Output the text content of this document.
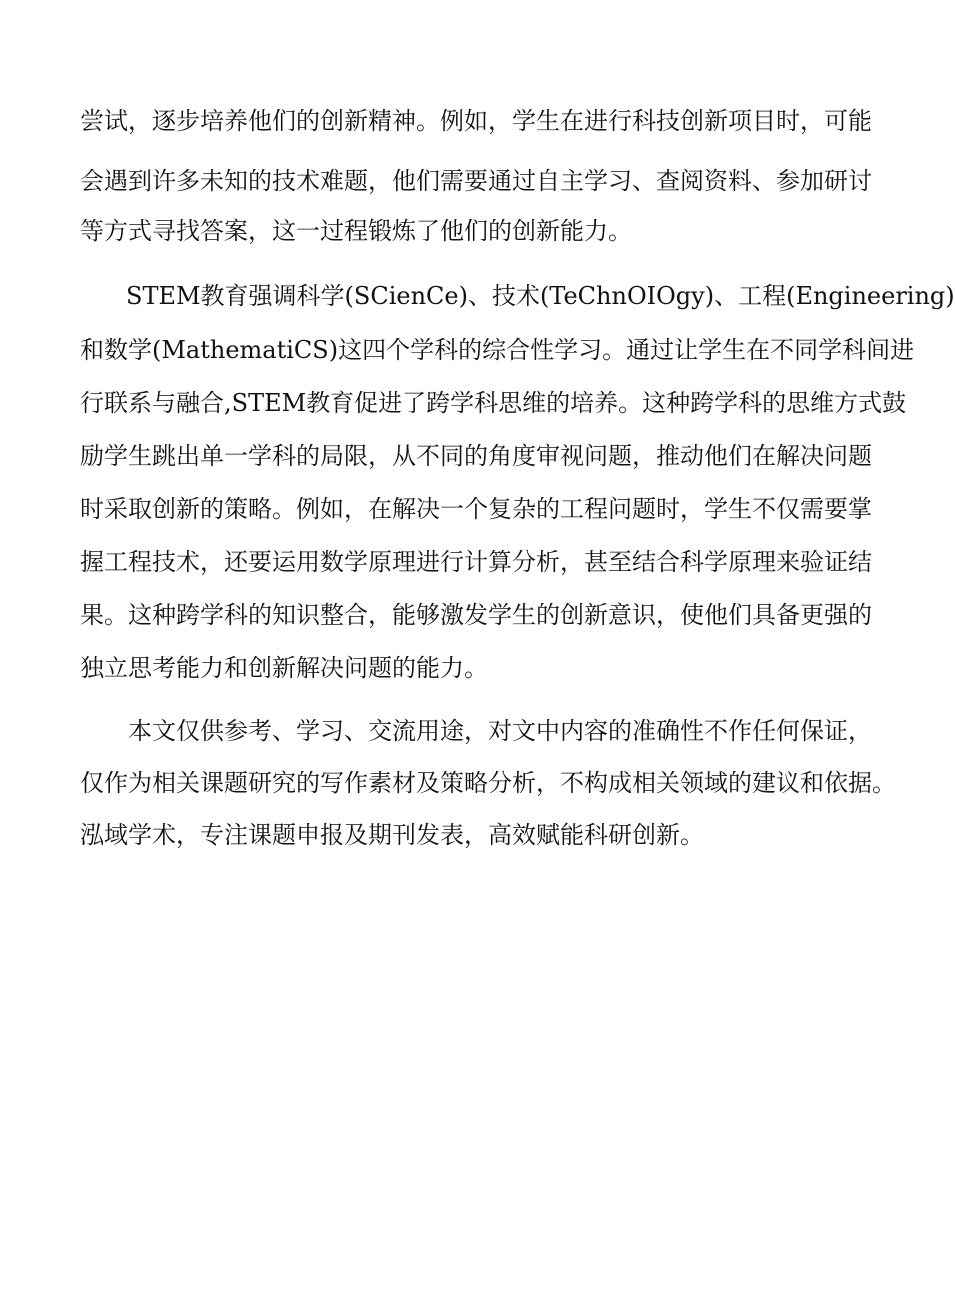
尝试，逐步培养他们的创新精神。例如，学生在进行科技创新项目时，可能
会遇到许多未知的技术难题，他们需要通过自主学习、查阅资料、参加研讨
等方式寻找答案，这一过程锻炼了他们的创新能力。
STEM教育强调科学(SCienCe)、技术(TeChnOIOgy)、工程(Engineering)
和数学(MathematiCS)这四个学科的综合性学习。通过让学生在不同学科间进
行联系与融合,STEM教育促进了跨学科思维的培养。这种跨学科的思维方式鼓
励学生跳出单一学科的局限，从不同的角度审视问题，推动他们在解决问题
时采取创新的策略。例如，在解决一个复杂的工程问题时，学生不仅需要掌
握工程技术，还要运用数学原理进行计算分析，甚至结合科学原理来验证结
果。这种跨学科的知识整合，能够激发学生的创新意识，使他们具备更强的
独立思考能力和创新解决问题的能力。
本文仅供参考、学习、交流用途，对文中内容的准确性不作任何保证，
仅作为相关课题研究的写作素材及策略分析，不构成相关领域的建议和依据。
泓域学术，专注课题申报及期刊发表，高效赋能科研创新。
